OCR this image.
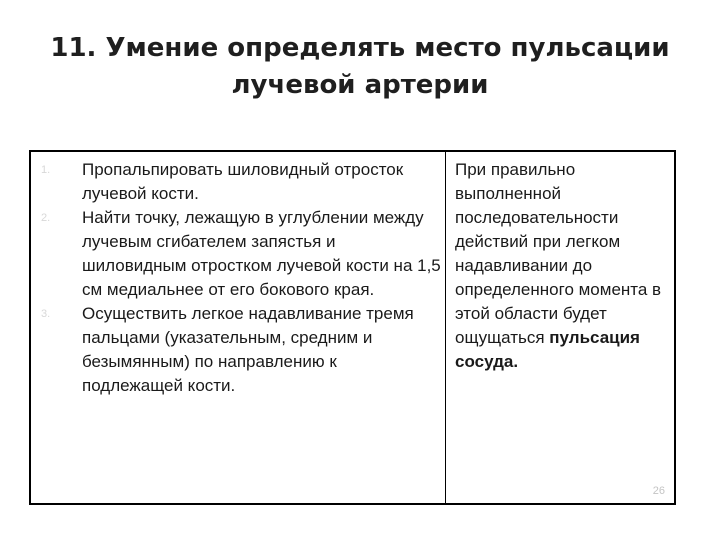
11. Умение определять место пульсации
лучевой артерии
1. Пропальпировать шиловидный отросток лучевой кости.
2. Найти точку, лежащую в углублении между лучевым сгибателем запястья и шиловидным отростком лучевой кости на 1,5 см медиальнее от его бокового края.
3. Осуществить легкое надавливание тремя пальцами (указательным, средним и безымянным) по направлению к подлежащей кости.
При правильно выполненной последовательности действий при легком надавливании до определенного момента в этой области будет ощущаться пульсация сосуда.
26
